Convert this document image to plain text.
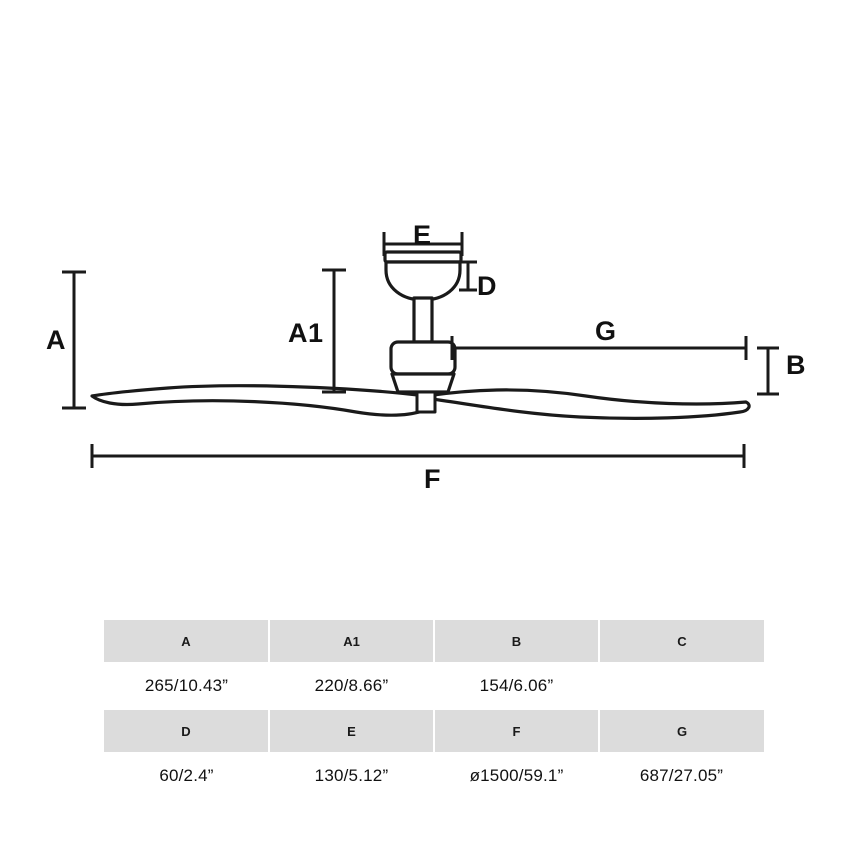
A	A1
B
D
E
F
G
A	A1	B	C
265/10.43”	220/8.66”	154/6.06”	
D	E	F	G
60/2.4”	130/5.12”	ø1500/59.1”	687/27.05”
